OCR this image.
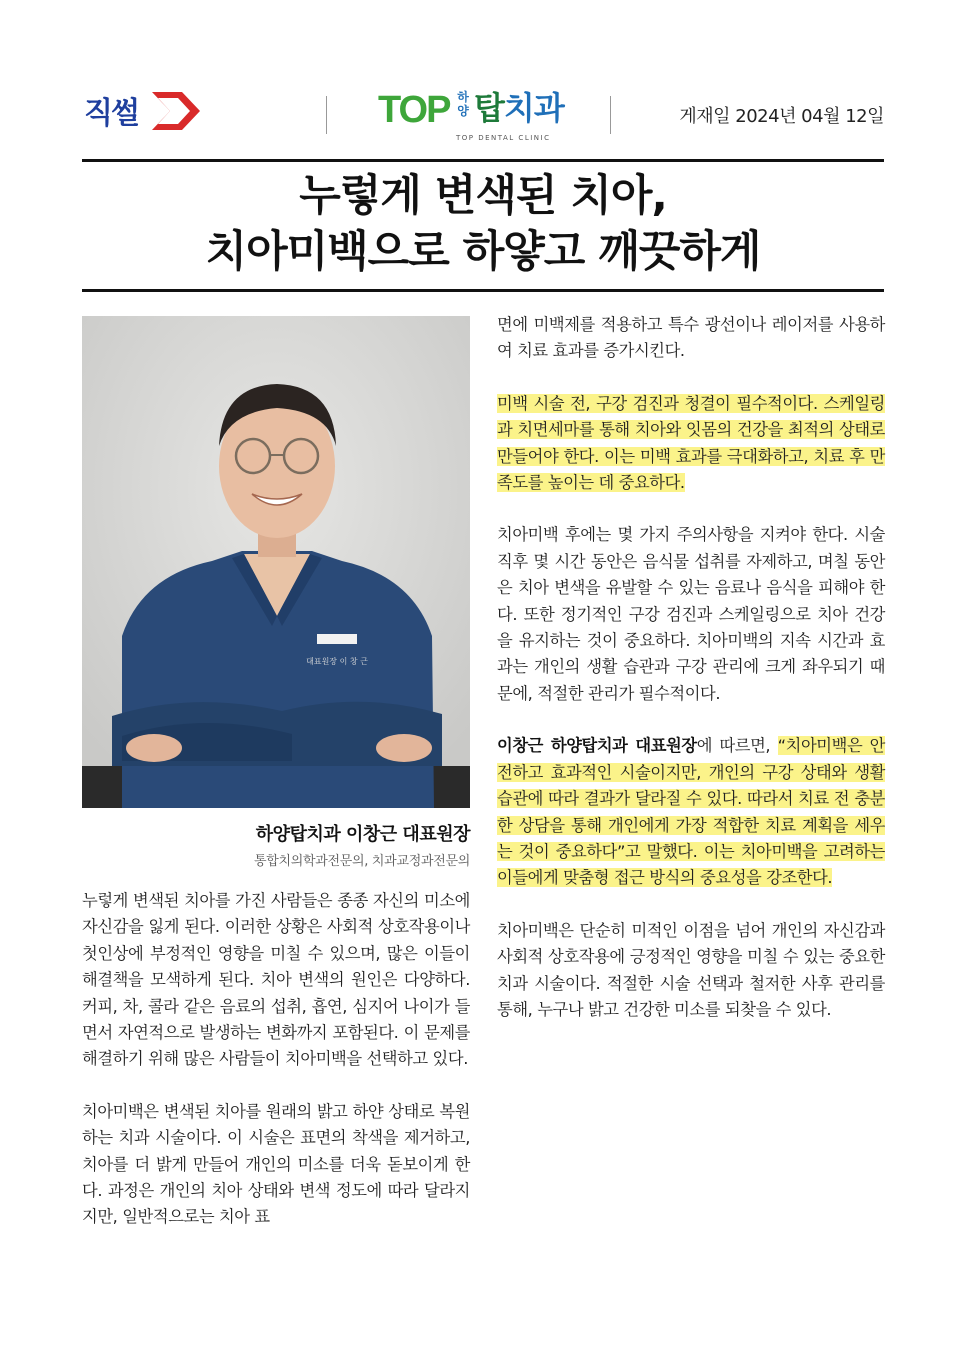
직썰	TOP 하양 탑치과
TOP DENTAL CLINIC
게재일 2024년 04월 12일
누렇게 변색된 치아,
치아미백으로 하얗고 깨끗하게
대표원장 이 창 근
하양탑치과 이창근 대표원장
통합치의학과전문의, 치과교정과전문의

누렇게 변색된 치아를 가진 사람들은 종종 자신의 미소에 자신감을 잃게 된다. 이러한 상황은 사회적 상호작용이나 첫인상에 부정적인 영향을 미칠 수 있으며, 많은 이들이 해결책을 모색하게 된다. 치아 변색의 원인은 다양하다. 커피, 차, 콜라 같은 음료의 섭취, 흡연, 심지어 나이가 들면서 자연적으로 발생하는 변화까지 포함된다. 이 문제를 해결하기 위해 많은 사람들이 치아미백을 선택하고 있다.

치아미백은 변색된 치아를 원래의 밝고 하얀 상태로 복원하는 치과 시술이다. 이 시술은 표면의 착색을 제거하고, 치아를 더 밝게 만들어 개인의 미소를 더욱 돋보이게 한다. 과정은 개인의 치아 상태와 변색 정도에 따라 달라지지만, 일반적으로는 치아 표

면에 미백제를 적용하고 특수 광선이나 레이저를 사용하여 치료 효과를 증가시킨다.

미백 시술 전, 구강 검진과 청결이 필수적이다. 스케일링과 치면세마를 통해 치아와 잇몸의 건강을 최적의 상태로 만들어야 한다. 이는 미백 효과를 극대화하고, 치료 후 만족도를 높이는 데 중요하다.

치아미백 후에는 몇 가지 주의사항을 지켜야 한다. 시술 직후 몇 시간 동안은 음식물 섭취를 자제하고, 며칠 동안은 치아 변색을 유발할 수 있는 음료나 음식을 피해야 한다. 또한 정기적인 구강 검진과 스케일링으로 치아 건강을 유지하는 것이 중요하다. 치아미백의 지속 시간과 효과는 개인의 생활 습관과 구강 관리에 크게 좌우되기 때문에, 적절한 관리가 필수적이다.

이창근 하양탑치과 대표원장에 따르면, “치아미백은 안전하고 효과적인 시술이지만, 개인의 구강 상태와 생활 습관에 따라 결과가 달라질 수 있다. 따라서 치료 전 충분한 상담을 통해 개인에게 가장 적합한 치료 계획을 세우는 것이 중요하다”고 말했다. 이는 치아미백을 고려하는 이들에게 맞춤형 접근 방식의 중요성을 강조한다.

치아미백은 단순히 미적인 이점을 넘어 개인의 자신감과 사회적 상호작용에 긍정적인 영향을 미칠 수 있는 중요한 치과 시술이다. 적절한 시술 선택과 철저한 사후 관리를 통해, 누구나 밝고 건강한 미소를 되찾을 수 있다.
